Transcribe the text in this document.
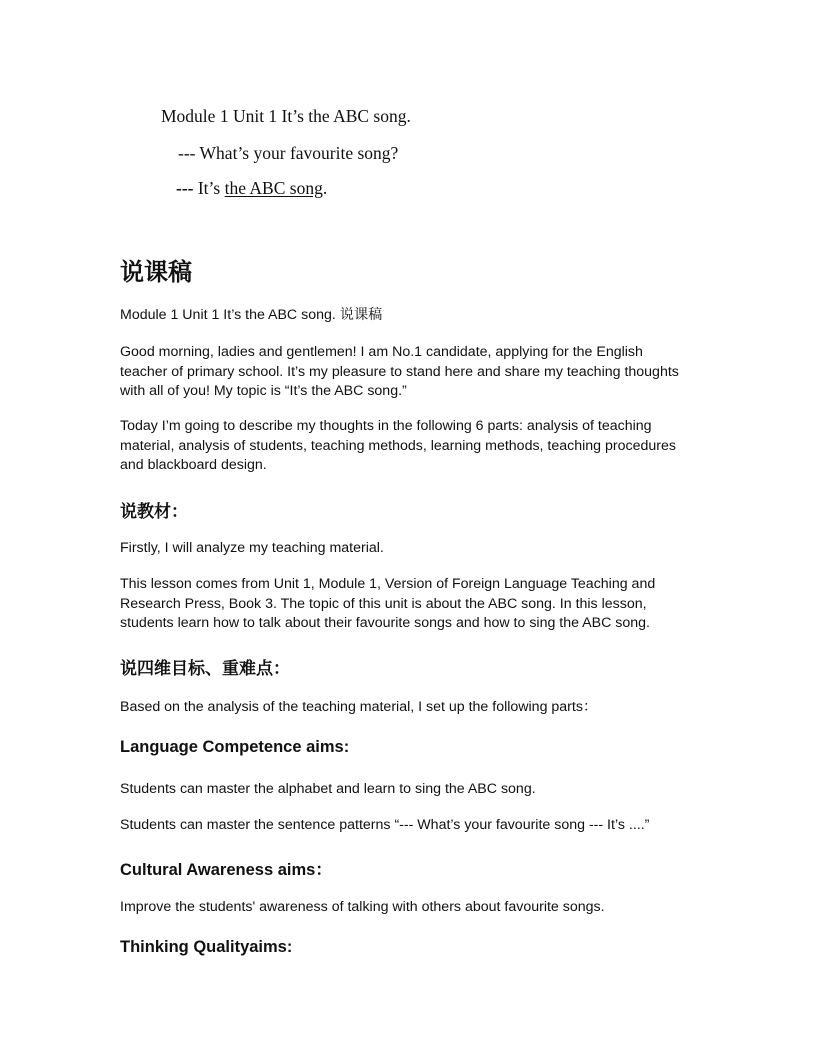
Module 1 Unit 1 It’s the ABC song.
--- What’s your favourite song?
--- It’s the ABC song.
说课稿
Module 1 Unit 1 It’s the ABC song. 说课稿
Good morning, ladies and gentlemen! I am No.1 candidate, applying for the English teacher of primary school. It’s my pleasure to stand here and share my teaching thoughts with all of you! My topic is “It’s the ABC song.”
Today I’m going to describe my thoughts in the following 6 parts: analysis of teaching material, analysis of students, teaching methods, learning methods, teaching procedures and blackboard design.
说教材：
Firstly, I will analyze my teaching material.
This lesson comes from Unit 1, Module 1, Version of Foreign Language Teaching and Research Press, Book 3. The topic of this unit is about the ABC song. In this lesson, students learn how to talk about their favourite songs and how to sing the ABC song.
说四维目标、重难点：
Based on the analysis of the teaching material, I set up the following parts：
Language Competence aims:
Students can master the alphabet and learn to sing the ABC song.
Students can master the sentence patterns “--- What’s your favourite song --- It’s ....”
Cultural Awareness aims：
Improve the students' awareness of talking with others about favourite songs.
Thinking Qualityaims:
